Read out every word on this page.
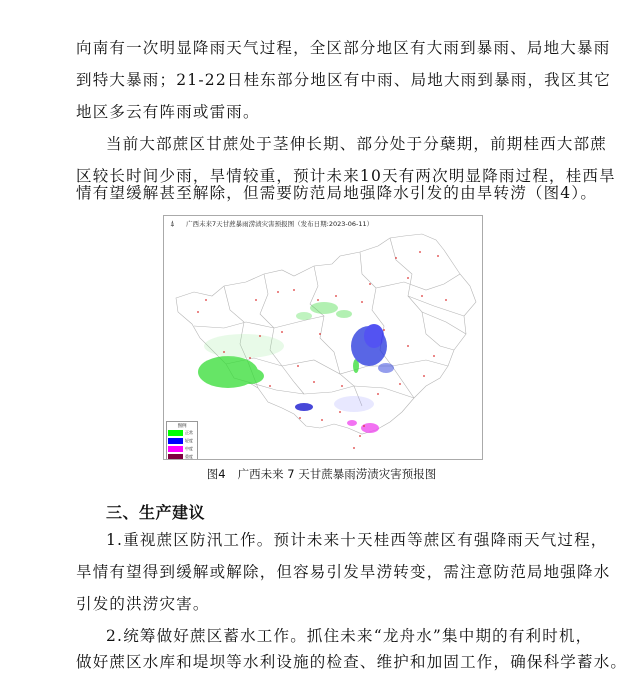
向南有一次明显降雨天气过程，全区部分地区有大雨到暴雨、局地大暴雨
到特大暴雨；21-22日桂东部分地区有中雨、局地大雨到暴雨，我区其它
地区多云有阵雨或雷雨。
当前大部蔗区甘蔗处于茎伸长期、部分处于分蘖期，前期桂西大部蔗
区较长时间少雨，旱情较重，预计未来10天有两次明显降雨过程，桂西旱
情有望缓解甚至解除，但需要防范局地强降水引发的由旱转涝（图4）。
⍋ 广西未来7天甘蔗暴雨涝渍灾害预报图（发布日期:2023-06-11）
图例
正常
轻度
中度
重度
图4 广西未来 7 天甘蔗暴雨涝渍灾害预报图
三、生产建议
1.重视蔗区防汛工作。预计未来十天桂西等蔗区有强降雨天气过程，
旱情有望得到缓解或解除，但容易引发旱涝转变，需注意防范局地强降水
引发的洪涝灾害。
2.统筹做好蔗区蓄水工作。抓住未来“龙舟水”集中期的有利时机，
做好蔗区水库和堤坝等水利设施的检查、维护和加固工作，确保科学蓄水。
